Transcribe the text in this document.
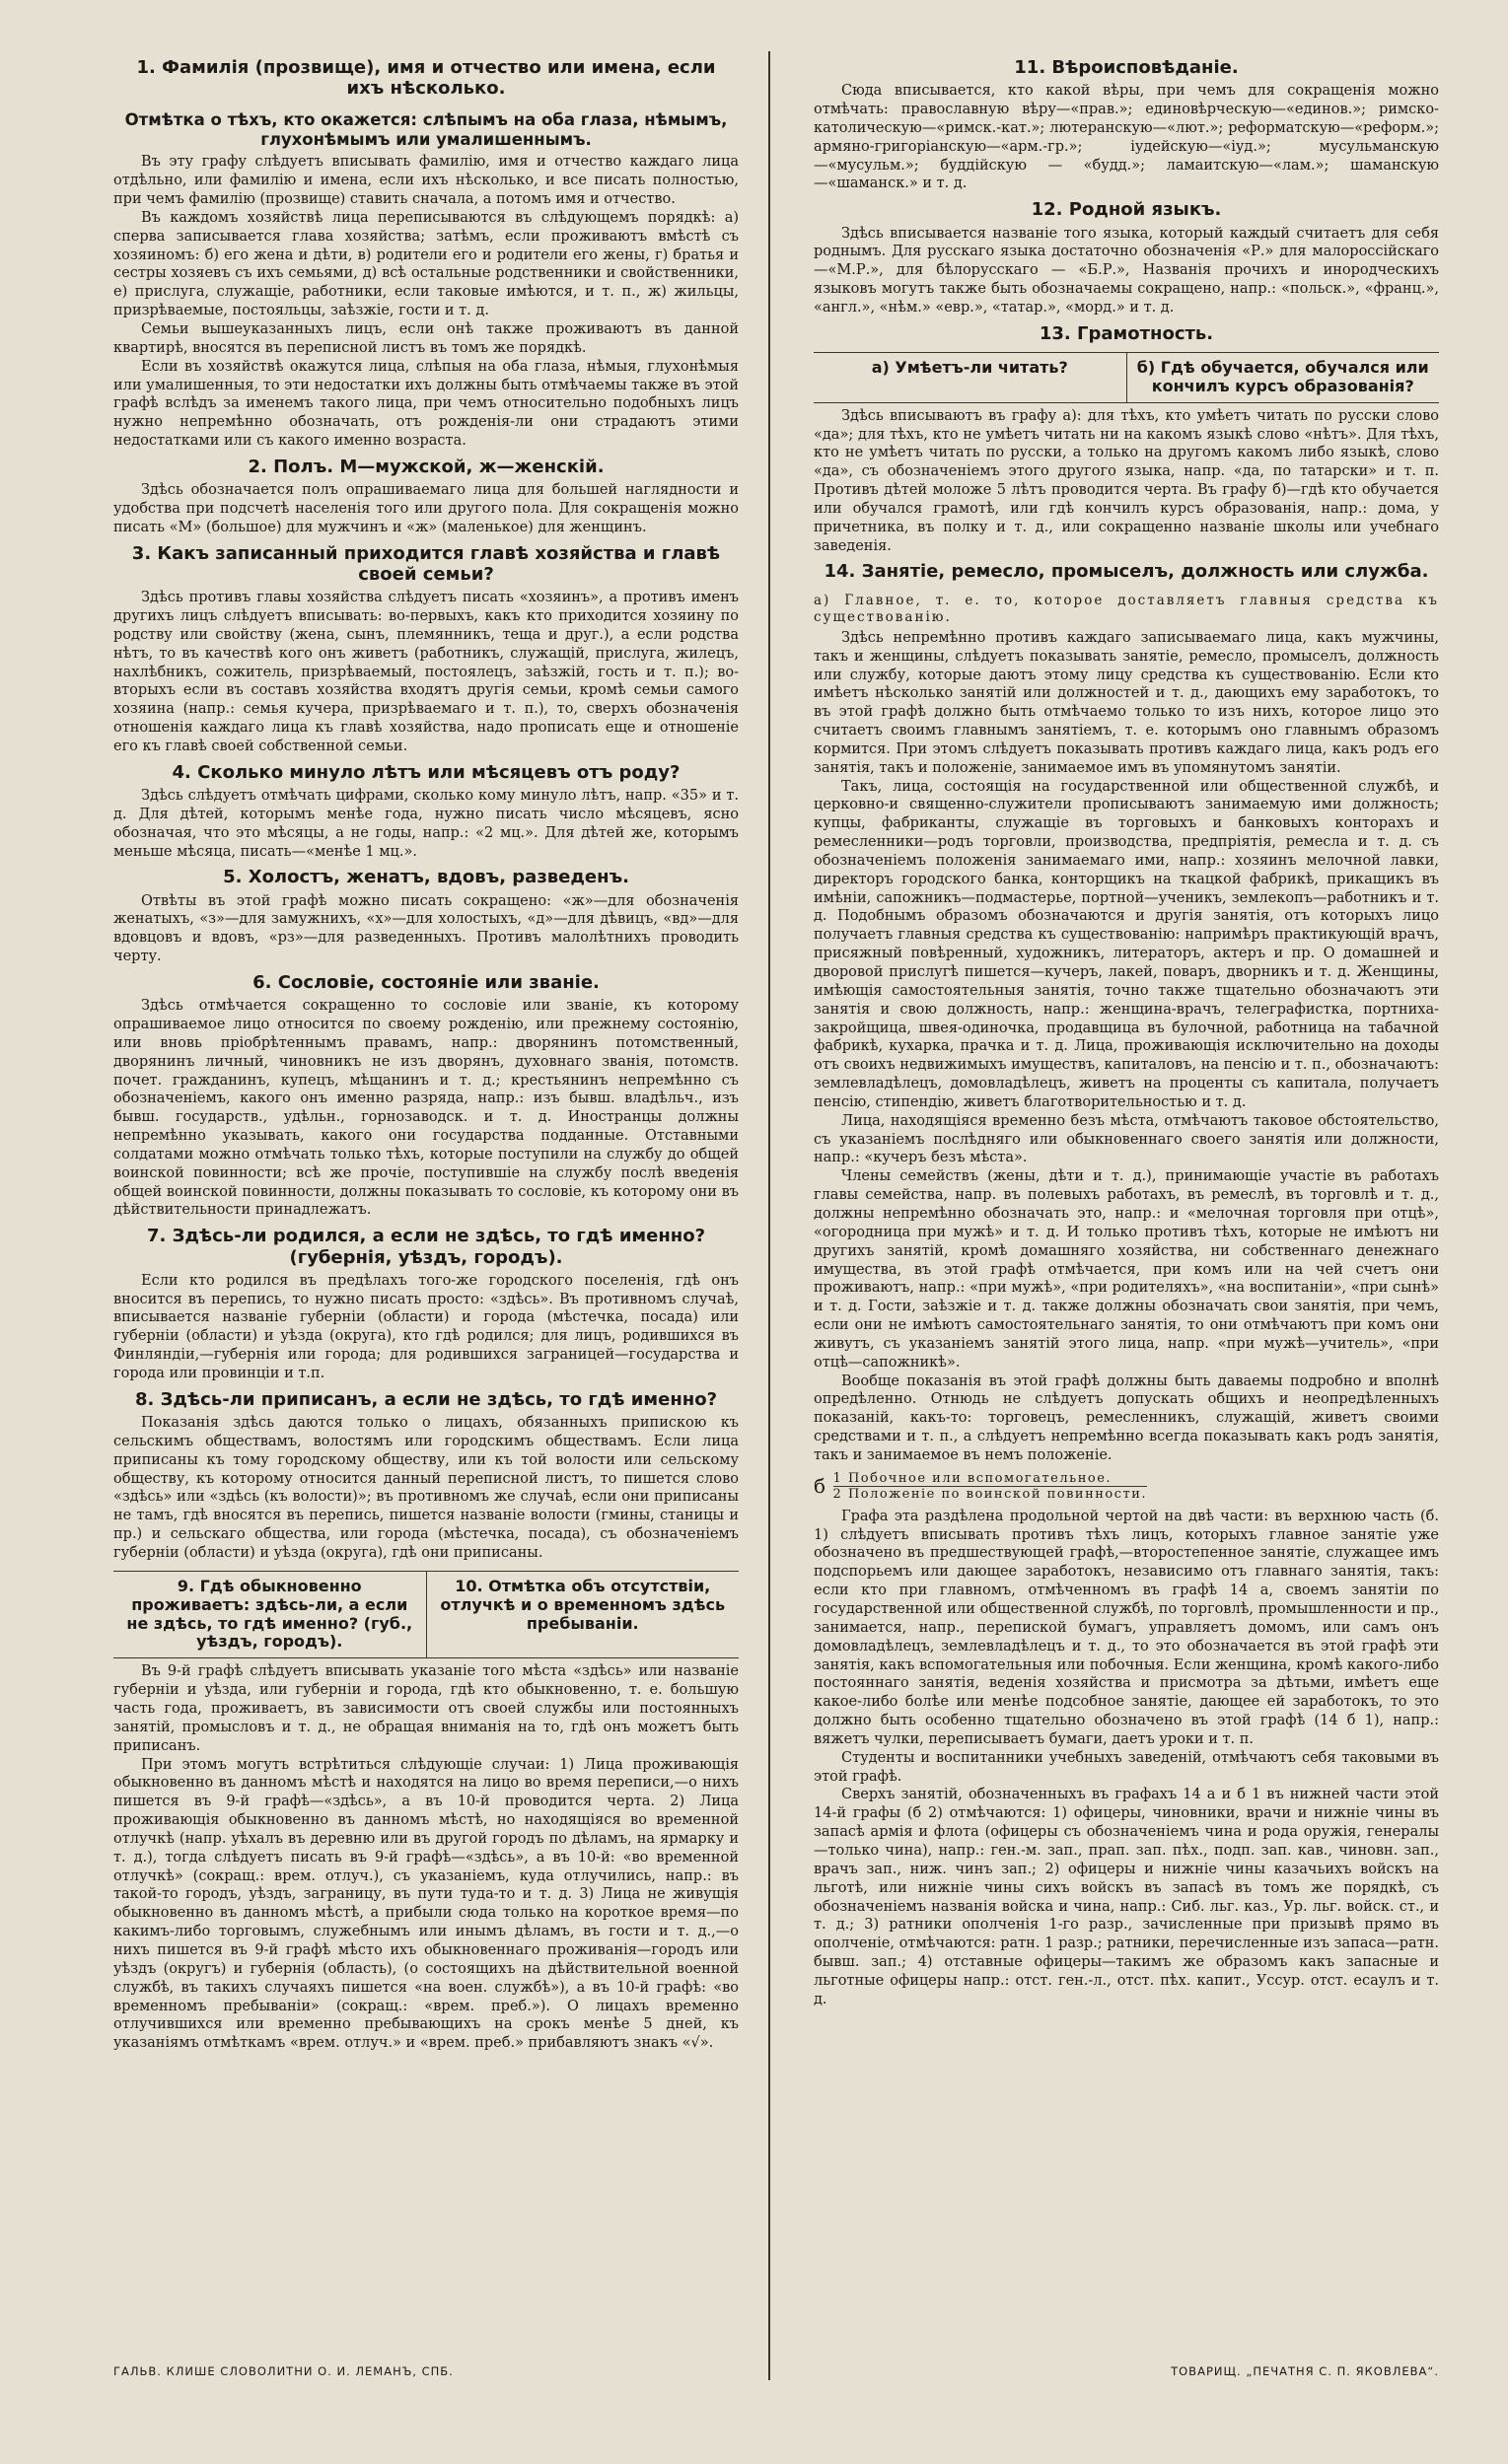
1. Фамилія (прозвище), имя и отчество или имена, если ихъ нѣсколько.
Отмѣтка о тѣхъ, кто окажется: слѣпымъ на оба глаза, нѣмымъ, глухонѣмымъ или умалишеннымъ.

Въ эту графу слѣдуетъ вписывать фамилію, имя и отчество каждаго лица отдѣльно, или фамилію и имена, если ихъ нѣсколько, и все писать полностью, при чемъ фамилію (прозвище) ставить сначала, а потомъ имя и отчество.

Въ каждомъ хозяйствѣ лица переписываются въ слѣдующемъ порядкѣ: а) сперва записывается глава хозяйства; затѣмъ, если проживаютъ вмѣстѣ съ хозяиномъ: б) его жена и дѣти, в) родители его и родители его жены, г) братья и сестры хозяевъ съ ихъ семьями, д) всѣ остальные родственники и свойственники, е) прислуга, служащіе, работники, если таковые имѣются, и т. п., ж) жильцы, призрѣваемые, постояльцы, заѣзжіе, гости и т. д.

Семьи вышеуказанныхъ лицъ, если онѣ также проживаютъ въ данной квартирѣ, вносятся въ переписной листъ въ томъ же порядкѣ.

Если въ хозяйствѣ окажутся лица, слѣпыя на оба глаза, нѣмыя, глухонѣмыя или умалишенныя, то эти недостатки ихъ должны быть отмѣчаемы также въ этой графѣ вслѣдъ за именемъ такого лица, при чемъ относительно подобныхъ лицъ нужно непремѣнно обозначать, отъ рожденія-ли они страдаютъ этими недостатками или съ какого именно возраста.

2. Полъ. М—мужской, ж—женскій.

Здѣсь обозначается полъ опрашиваемаго лица для большей наглядности и удобства при подсчетѣ населенія того или другого пола. Для сокращенія можно писать «М» (большое) для мужчинъ и «ж» (маленькое) для женщинъ.

3. Какъ записанный приходится главѣ хозяйства и главѣ своей семьи?

Здѣсь противъ главы хозяйства слѣдуетъ писать «хозяинъ», а противъ именъ другихъ лицъ слѣдуетъ вписывать: во-первыхъ, какъ кто приходится хозяину по родству или свойству (жена, сынъ, племянникъ, теща и друг.), а если родства нѣтъ, то въ качествѣ кого онъ живетъ (работникъ, служащій, прислуга, жилецъ, нахлѣбникъ, сожитель, призрѣваемый, постоялецъ, заѣзжій, гость и т. п.); во-вторыхъ если въ составъ хозяйства входятъ другія семьи, кромѣ семьи самого хозяина (напр.: семья кучера, призрѣваемаго и т. п.), то, сверхъ обозначенія отношенія каждаго лица къ главѣ хозяйства, надо прописать еще и отношеніе его къ главѣ своей собственной семьи.

4. Сколько минуло лѣтъ или мѣсяцевъ отъ роду?

Здѣсь слѣдуетъ отмѣчать цифрами, сколько кому минуло лѣтъ, напр. «35» и т. д. Для дѣтей, которымъ менѣе года, нужно писать число мѣсяцевъ, ясно обозначая, что это мѣсяцы, а не годы, напр.: «2 мц.». Для дѣтей же, которымъ меньше мѣсяца, писать—«менѣе 1 мц.».

5. Холостъ, женатъ, вдовъ, разведенъ.

Отвѣты въ этой графѣ можно писать сокращено: «ж»—для обозначенія женатыхъ, «з»—для замужнихъ, «х»—для холостыхъ, «д»—для дѣвицъ, «вд»—для вдовцовъ и вдовъ, «рз»—для разведенныхъ. Противъ малолѣтнихъ проводить черту.

6. Сословіе, состояніе или званіе.

Здѣсь отмѣчается сокращенно то сословіе или званіе, къ которому опрашиваемое лицо относится по своему рожденію, или прежнему состоянію, или вновь пріобрѣтеннымъ правамъ, напр.: дворянинъ потомственный, дворянинъ личный, чиновникъ не изъ дворянъ, духовнаго званія, потомств. почет. гражданинъ, купецъ, мѣщанинъ и т. д.; крестьянинъ непремѣнно съ обозначеніемъ, какого онъ именно разряда, напр.: изъ бывш. владѣльч., изъ бывш. государств., удѣльн., горнозаводск. и т. д. Иностранцы должны непремѣнно указывать, какого они государства подданные. Отставными солдатами можно отмѣчать только тѣхъ, которые поступили на службу до общей воинской повинности; всѣ же прочіе, поступившіе на службу послѣ введенія общей воинской повинности, должны показывать то сословіе, къ которому они въ дѣйствительности принадлежатъ.

7. Здѣсь-ли родился, а если не здѣсь, то гдѣ именно? (губернія, уѣздъ, городъ).

Если кто родился въ предѣлахъ того-же городского поселенія, гдѣ онъ вносится въ перепись, то нужно писать просто: «здѣсь». Въ противномъ случаѣ, вписывается названіе губерніи (области) и города (мѣстечка, посада) или губерніи (области) и уѣзда (округа), кто гдѣ родился; для лицъ, родившихся въ Финляндіи,—губернія или города; для родившихся заграницей—государства и города или провинціи и т.п.

8. Здѣсь-ли приписанъ, а если не здѣсь, то гдѣ именно?

Показанія здѣсь даются только о лицахъ, обязанныхъ припискою къ сельскимъ обществамъ, волостямъ или городскимъ обществамъ. Если лица приписаны къ тому городскому обществу, или къ той волости или сельскому обществу, къ которому относится данный переписной листъ, то пишется слово «здѣсь» или «здѣсь (къ волости)»; въ противномъ же случаѣ, если они приписаны не тамъ, гдѣ вносятся въ перепись, пишется названіе волости (гмины, станицы и пр.) и сельскаго общества, или города (мѣстечка, посада), съ обозначеніемъ губерніи (области) и уѣзда (округа), гдѣ они приписаны.

9. Гдѣ обыкновенно проживаетъ: здѣсь-ли, а если не здѣсь, то гдѣ именно? (губ., уѣздъ, городъ).
10. Отмѣтка объ отсутствіи, отлучкѣ и о временномъ здѣсь пребываніи.

Въ 9-й графѣ слѣдуетъ вписывать указаніе того мѣста «здѣсь» или названіе губерніи и уѣзда, или губерніи и города, гдѣ кто обыкновенно, т. е. большую часть года, проживаетъ, въ зависимости отъ своей службы или постоянныхъ занятій, промысловъ и т. д., не обращая вниманія на то, гдѣ онъ можетъ быть приписанъ.

При этомъ могутъ встрѣтиться слѣдующіе случаи: 1) Лица проживающія обыкновенно въ данномъ мѣстѣ и находятся на лицо во время переписи,—о нихъ пишется въ 9-й графѣ—«здѣсь», а въ 10-й проводится черта. 2) Лица проживающія обыкновенно въ данномъ мѣстѣ, но находящіяся во временной отлучкѣ (напр. уѣхалъ въ деревню или въ другой городъ по дѣламъ, на ярмарку и т. д.), тогда слѣдуетъ писать въ 9-й графѣ—«здѣсь», а въ 10-й: «во временной отлучкѣ» (сокращ.: врем. отлуч.), съ указаніемъ, куда отлучились, напр.: въ такой-то городъ, уѣздъ, заграницу, въ пути туда-то и т. д. 3) Лица не живущія обыкновенно въ данномъ мѣстѣ, а прибыли сюда только на короткое время—по какимъ-либо торговымъ, служебнымъ или инымъ дѣламъ, въ гости и т. д.,—о нихъ пишется въ 9-й графѣ мѣсто ихъ обыкновеннаго проживанія—городъ или уѣздъ (округъ) и губернія (область), (о состоящихъ на дѣйствительной военной службѣ, въ такихъ случаяхъ пишется «на воен. службѣ»), а въ 10-й графѣ: «во временномъ пребываніи» (сокращ.: «врем. преб.»). О лицахъ временно отлучившихся или временно пребывающихъ на срокъ менѣе 5 дней, къ указаніямъ отмѣткамъ «врем. отлуч.» и «врем. преб.» прибавляютъ знакъ «√».

11. Вѣроисповѣданіе.

Сюда вписывается, кто какой вѣры, при чемъ для сокращенія можно отмѣчать: православную вѣру—«прав.»; единовѣрческую—«единов.»; римско-католическую—«римск.-кат.»; лютеранскую—«лют.»; реформатскую—«реформ.»; армяно-григоріанскую—«арм.-гр.»; іудейскую—«іуд.»; мусульманскую—«мусульм.»; буддійскую — «будд.»; ламаитскую—«лам.»; шаманскую—«шаманск.» и т. д.

12. Родной языкъ.

Здѣсь вписывается названіе того языка, который каждый считаетъ для себя роднымъ. Для русскаго языка достаточно обозначенія «Р.» для малороссійскаго—«М.Р.», для бѣлорусскаго — «Б.Р.», Названія прочихъ и инородческихъ языковъ могутъ также быть обозначаемы сокращено, напр.: «польск.», «франц.», «англ.», «нѣм.» «евр.», «татар.», «морд.» и т. д.

13. Грамотность.
а) Умѣетъ-ли читать?	б) Гдѣ обучается, обучался или кончилъ курсъ образованія?

Здѣсь вписываютъ въ графу а): для тѣхъ, кто умѣетъ читать по русски слово «да»; для тѣхъ, кто не умѣетъ читать ни на какомъ языкѣ слово «нѣтъ». Для тѣхъ, кто не умѣетъ читать по русски, а только на другомъ какомъ либо языкѣ, слово «да», съ обозначеніемъ этого другого языка, напр. «да, по татарски» и т. п. Противъ дѣтей моложе 5 лѣтъ проводится черта. Въ графу б)—гдѣ кто обучается или обучался грамотѣ, или гдѣ кончилъ курсъ образованія, напр.: дома, у причетника, въ полку и т. д., или сокращенно названіе школы или учебнаго заведенія.

14. Занятіе, ремесло, промыселъ, должность или служба.

а) Главное, т. е. то, которое доставляетъ главныя средства къ существованію.

Здѣсь непремѣнно противъ каждаго записываемаго лица, какъ мужчины, такъ и женщины, слѣдуетъ показывать занятіе, ремесло, промыселъ, должность или службу, которые даютъ этому лицу средства къ существованію. Если кто имѣетъ нѣсколько занятій или должностей и т. д., дающихъ ему заработокъ, то въ этой графѣ должно быть отмѣчаемо только то изъ нихъ, которое лицо это считаетъ своимъ главнымъ занятіемъ, т. е. которымъ оно главнымъ образомъ кормится. При этомъ слѣдуетъ показывать противъ каждаго лица, какъ родъ его занятія, такъ и положеніе, занимаемое имъ въ упомянутомъ занятіи.

Такъ, лица, состоящія на государственной или общественной службѣ, и церковно-и священно-служители прописываютъ занимаемую ими должность; купцы, фабриканты, служащіе въ торговыхъ и банковыхъ конторахъ и ремесленники—родъ торговли, производства, предпріятія, ремесла и т. д. съ обозначеніемъ положенія занимаемаго ими, напр.: хозяинъ мелочной лавки, директоръ городского банка, конторщикъ на ткацкой фабрикѣ, прикащикъ въ имѣніи, сапожникъ—подмастерье, портной—ученикъ, землекопъ—работникъ и т. д. Подобнымъ образомъ обозначаются и другія занятія, отъ которыхъ лицо получаетъ главныя средства къ существованію: напримѣръ практикующій врачъ, присяжный повѣренный, художникъ, литераторъ, актеръ и пр. О домашней и дворовой прислугѣ пишется—кучеръ, лакей, поваръ, дворникъ и т. д. Женщины, имѣющія самостоятельныя занятія, точно также тщательно обозначаютъ эти занятія и свою должность, напр.: женщина-врачъ, телеграфистка, портниха-закройщица, швея-одиночка, продавщица въ булочной, работница на табачной фабрикѣ, кухарка, прачка и т. д. Лица, проживающія исключительно на доходы отъ своихъ недвижимыхъ имуществъ, капиталовъ, на пенсію и т. п., обозначаютъ: землевладѣлецъ, домовладѣлецъ, живетъ на проценты съ капитала, получаетъ пенсію, стипендію, живетъ благотворительностью и т. д.

Лица, находящіяся временно безъ мѣста, отмѣчаютъ таковое обстоятельство, съ указаніемъ послѣдняго или обыкновеннаго своего занятія или должности, напр.: «кучеръ безъ мѣста».

Члены семействъ (жены, дѣти и т. д.), принимающіе участіе въ работахъ главы семейства, напр. въ полевыхъ работахъ, въ ремеслѣ, въ торговлѣ и т. д., должны непремѣнно обозначать это, напр.: и «мелочная торговля при отцѣ», «огородница при мужѣ» и т. д. И только противъ тѣхъ, которые не имѣютъ ни другихъ занятій, кромѣ домашняго хозяйства, ни собственнаго денежнаго имущества, въ этой графѣ отмѣчается, при комъ или на чей счетъ они проживаютъ, напр.: «при мужѣ», «при родителяхъ», «на воспитаніи», «при сынѣ» и т. д. Гости, заѣзжіе и т. д. также должны обозначать свои занятія, при чемъ, если они не имѣютъ самостоятельнаго занятія, то они отмѣчаютъ при комъ они живутъ, съ указаніемъ занятій этого лица, напр. «при мужѣ—учитель», «при отцѣ—сапожникѣ».

Вообще показанія въ этой графѣ должны быть даваемы подробно и вполнѣ опредѣленно. Отнюдь не слѣдуетъ допускать общихъ и неопредѣленныхъ показаній, какъ-то: торговецъ, ремесленникъ, служащій, живетъ своими средствами и т. п., а слѣдуетъ непремѣнно всегда показывать какъ родъ занятія, такъ и занимаемое въ немъ положеніе.

б 1 Побочное или вспомогательное.
2 Положеніе по воинской повинности.

Графа эта раздѣлена продольной чертой на двѣ части: въ верхнюю часть (б. 1) слѣдуетъ вписывать противъ тѣхъ лицъ, которыхъ главное занятіе уже обозначено въ предшествующей графѣ,—второстепенное занятіе, служащее имъ подспорьемъ или дающее заработокъ, независимо отъ главнаго занятія, такъ: если кто при главномъ, отмѣченномъ въ графѣ 14 а, своемъ занятіи по государственной или общественной службѣ, по торговлѣ, промышленности и пр., занимается, напр., перепиской бумагъ, управляетъ домомъ, или самъ онъ домовладѣлецъ, землевладѣлецъ и т. д., то это обозначается въ этой графѣ эти занятія, какъ вспомогательныя или побочныя. Если женщина, кромѣ какого-либо постояннаго занятія, веденія хозяйства и присмотра за дѣтьми, имѣетъ еще какое-либо болѣе или менѣе подсобное занятіе, дающее ей заработокъ, то это должно быть особенно тщательно обозначено въ этой графѣ (14 б 1), напр.: вяжетъ чулки, переписываетъ бумаги, даетъ уроки и т. п.

Студенты и воспитанники учебныхъ заведеній, отмѣчаютъ себя таковыми въ этой графѣ.

Сверхъ занятій, обозначенныхъ въ графахъ 14 а и б 1 въ нижней части этой 14-й графы (б 2) отмѣчаются: 1) офицеры, чиновники, врачи и нижніе чины въ запасѣ армія и флота (офицеры съ обозначеніемъ чина и рода оружія, генералы—только чина), напр.: ген.-м. зап., прап. зап. пѣх., подп. зап. кав., чиновн. зап., врачъ зап., ниж. чинъ зап.; 2) офицеры и нижніе чины казачьихъ войскъ на льготѣ, или нижніе чины сихъ войскъ въ запасѣ въ томъ же порядкѣ, съ обозначеніемъ названія войска и чина, напр.: Сиб. льг. каз., Ур. льг. войск. ст., и т. д.; 3) ратники ополченія 1-го разр., зачисленные при призывѣ прямо въ ополченіе, отмѣчаются: ратн. 1 разр.; ратники, перечисленные изъ запаса—ратн. бывш. зап.; 4) отставные офицеры—такимъ же образомъ какъ запасные и льготные офицеры напр.: отст. ген.-л., отст. пѣх. капит., Уссур. отст. есаулъ и т. д.

ГАЛЬВ. КЛИШЕ СЛОВОЛИТНИ О. И. ЛЕМАНЪ, СПБ.	ТОВАРИЩ. „ПЕЧАТНЯ С. П. ЯКОВЛЕВА“.
